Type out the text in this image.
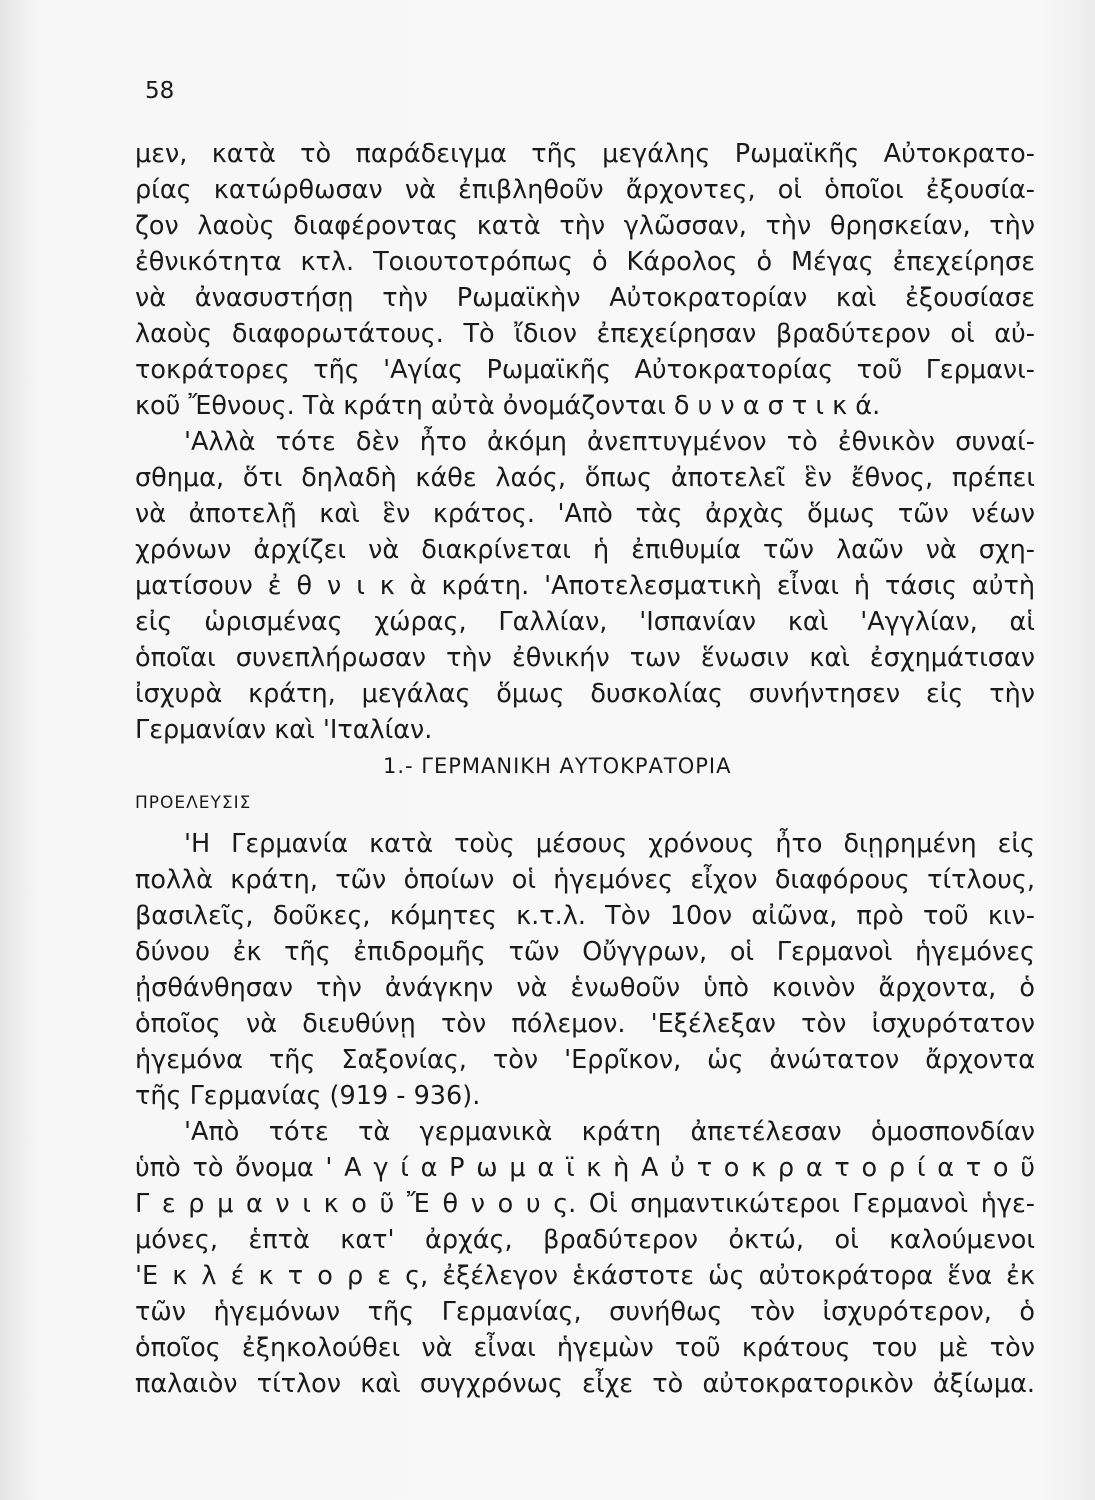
58
μεν, κατὰ τὸ παράδειγμα τῆς μεγάλης Ρωμαϊκῆς Αὐτοκρατο-
ρίας κατώρθωσαν νὰ ἐπιβληθοῦν ἄρχοντες, οἱ ὁποῖοι ἐξουσία-
ζον λαοὺς διαφέροντας κατὰ τὴν γλῶσσαν, τὴν θρησκείαν, τὴν
ἐθνικότητα κτλ. Τοιουτοτρόπως ὁ Κάρολος ὁ Μέγας ἐπεχείρησε
νὰ ἀνασυστήσῃ τὴν Ρωμαϊκὴν Αὐτοκρατορίαν καὶ ἐξουσίασε
λαοὺς διαφορωτάτους. Τὸ ἴδιον ἐπεχείρησαν βραδύτερον οἱ αὐ-
τοκράτορες τῆς 'Αγίας Ρωμαϊκῆς Αὐτοκρατορίας τοῦ Γερμανι-
κοῦ Ἔθνους. Τὰ κράτη αὐτὰ ὀνομάζονται δ υ ν α σ τ ι κ ά.
'Αλλὰ τότε δὲν ἦτο ἀκόμη ἀνεπτυγμένον τὸ ἐθνικὸν συναί-
σθημα, ὅτι δηλαδὴ κάθε λαός, ὅπως ἀποτελεῖ ἓν ἔθνος, πρέπει
νὰ ἀποτελῇ καὶ ἓν κράτος. 'Απὸ τὰς ἀρχὰς ὅμως τῶν νέων
χρόνων ἀρχίζει νὰ διακρίνεται ἡ ἐπιθυμία τῶν λαῶν νὰ σχη-
ματίσουν ἐ θ ν ι κ ὰ κράτη. 'Αποτελεσματικὴ εἶναι ἡ τάσις αὐτὴ
εἰς ὡρισμένας χώρας, Γαλλίαν, 'Ισπανίαν καὶ 'Αγγλίαν, αἱ
ὁποῖαι συνεπλήρωσαν τὴν ἐθνικήν των ἕνωσιν καὶ ἐσχημάτισαν
ἰσχυρὰ κράτη, μεγάλας ὅμως δυσκολίας συνήντησεν εἰς τὴν
Γερμανίαν καὶ 'Ιταλίαν.
1.- ΓΕΡΜΑΝΙΚΗ ΑΥΤΟΚΡΑΤΟΡΙΑ
ΠΡΟΕΛΕΥΣΙΣ
'Η Γερμανία κατὰ τοὺς μέσους χρόνους ἦτο διῃρημένη εἰς
πολλὰ κράτη, τῶν ὁποίων οἱ ἡγεμόνες εἶχον διαφόρους τίτλους,
βασιλεῖς, δοῦκες, κόμητες κ.τ.λ. Τὸν 10ον αἰῶνα, πρὸ τοῦ κιν-
δύνου ἐκ τῆς ἐπιδρομῆς τῶν Οὔγγρων, οἱ Γερμανοὶ ἡγεμόνες
ᾐσθάνθησαν τὴν ἀνάγκην νὰ ἑνωθοῦν ὑπὸ κοινὸν ἄρχοντα, ὁ
ὁποῖος νὰ διευθύνῃ τὸν πόλεμον. 'Εξέλεξαν τὸν ἰσχυρότατον
ἡγεμόνα τῆς Σαξονίας, τὸν 'Ερρῖκον, ὡς ἀνώτατον ἄρχοντα
τῆς Γερμανίας (919 - 936).
'Απὸ τότε τὰ γερμανικὰ κράτη ἀπετέλεσαν ὁμοσπονδίαν
ὑπὸ τὸ ὄνομα ' Α γ ί α Ρ ω μ α ϊ κ ὴ Α ὐ τ ο κ ρ α τ ο ρ ί α τ ο ῦ
Γ ε ρ μ α ν ι κ ο ῦ Ἔ θ ν ο υ ς. Οἱ σημαντικώτεροι Γερμανοὶ ἡγε-
μόνες, ἑπτὰ κατ' ἀρχάς, βραδύτερον ὀκτώ, οἱ καλούμενοι
'Ε κ λ έ κ τ ο ρ ε ς, ἐξέλεγον ἑκάστοτε ὡς αὐτοκράτορα ἕνα ἐκ
τῶν ἡγεμόνων τῆς Γερμανίας, συνήθως τὸν ἰσχυρότερον, ὁ
ὁποῖος ἐξηκολούθει νὰ εἶναι ἡγεμὼν τοῦ κράτους του μὲ τὸν
παλαιὸν τίτλον καὶ συγχρόνως εἶχε τὸ αὐτοκρατορικὸν ἀξίωμα.
